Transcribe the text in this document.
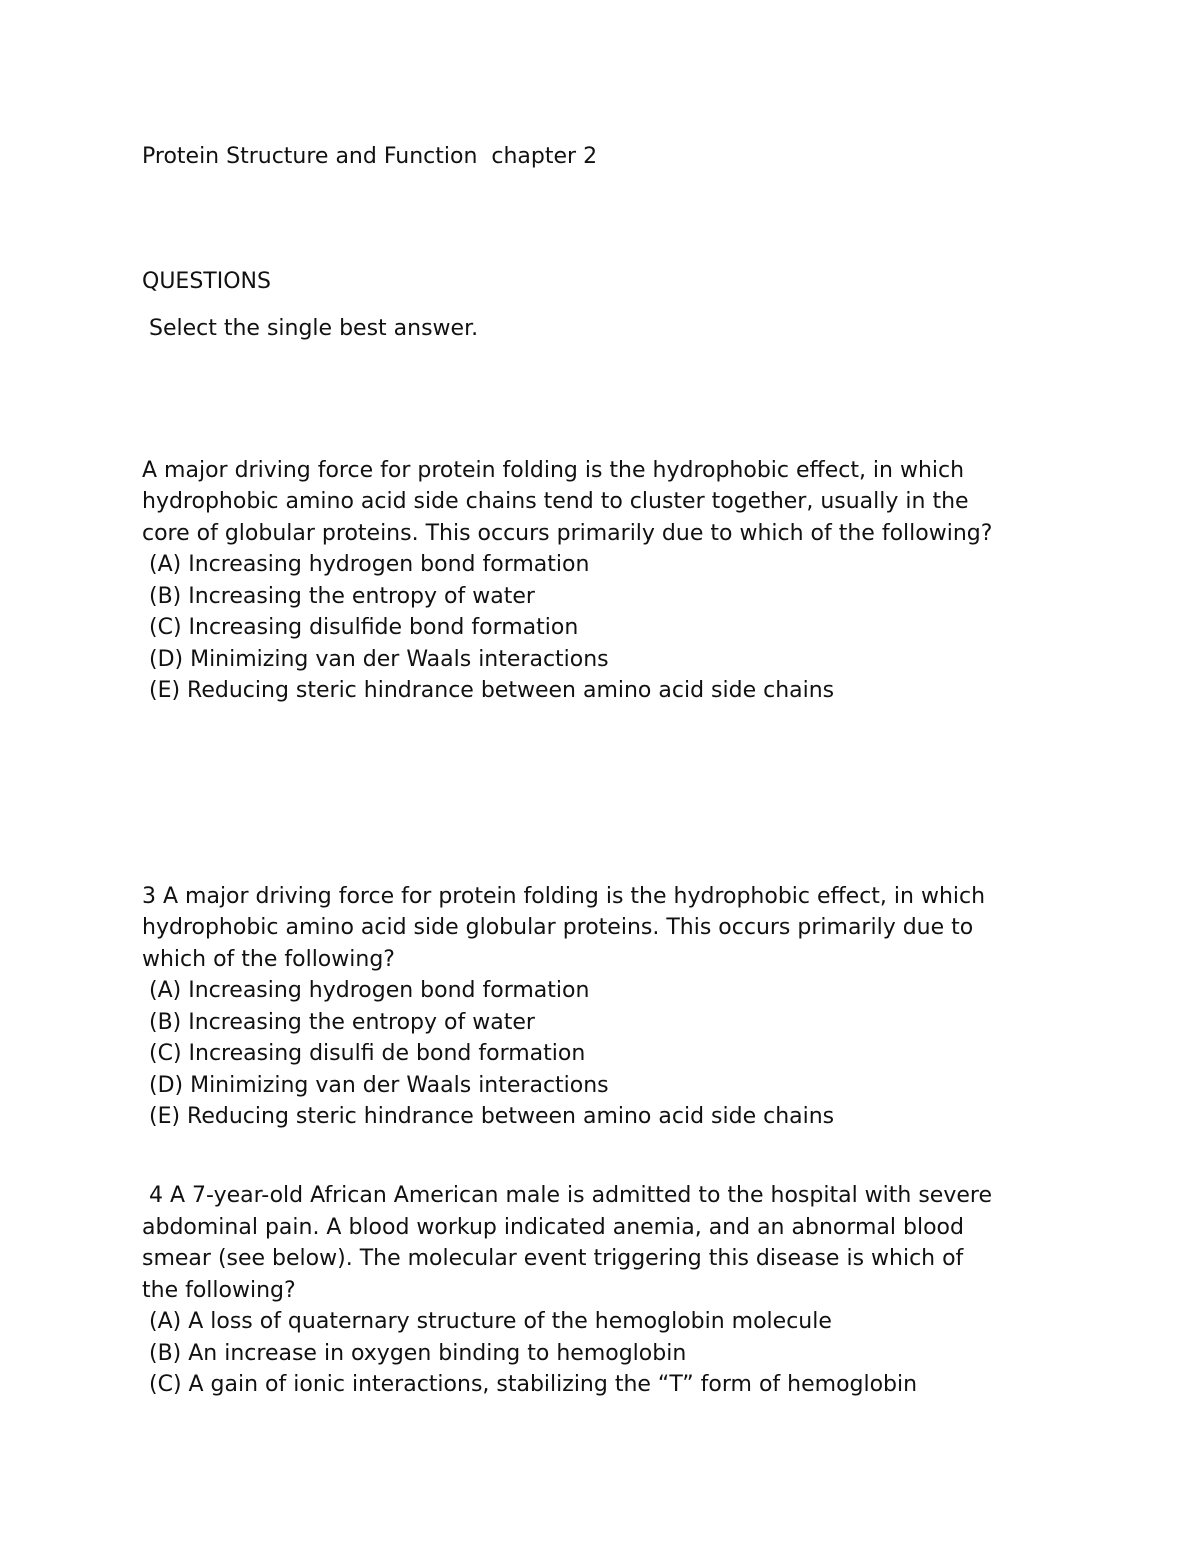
Protein Structure and Function  chapter 2

QUESTIONS

Select the single best answer.

A major driving force for protein folding is the hydrophobic effect, in which

hydrophobic amino acid side chains tend to cluster together, usually in the

core of globular proteins. This occurs primarily due to which of the following?

(A) Increasing hydrogen bond formation

(B) Increasing the entropy of water

(C) Increasing disulfide bond formation

(D) Minimizing van der Waals interactions

(E) Reducing steric hindrance between amino acid side chains

3 A major driving force for protein folding is the hydrophobic effect, in which

hydrophobic amino acid side globular proteins. This occurs primarily due to

which of the following?

(A) Increasing hydrogen bond formation

(B) Increasing the entropy of water

(C) Increasing disulfi de bond formation

(D) Minimizing van der Waals interactions

(E) Reducing steric hindrance between amino acid side chains

4 A 7-year-old African American male is admitted to the hospital with severe

abdominal pain. A blood workup indicated anemia, and an abnormal blood

smear (see below). The molecular event triggering this disease is which of

the following?

(A) A loss of quaternary structure of the hemoglobin molecule

(B) An increase in oxygen binding to hemoglobin

(C) A gain of ionic interactions, stabilizing the “T” form of hemoglobin
